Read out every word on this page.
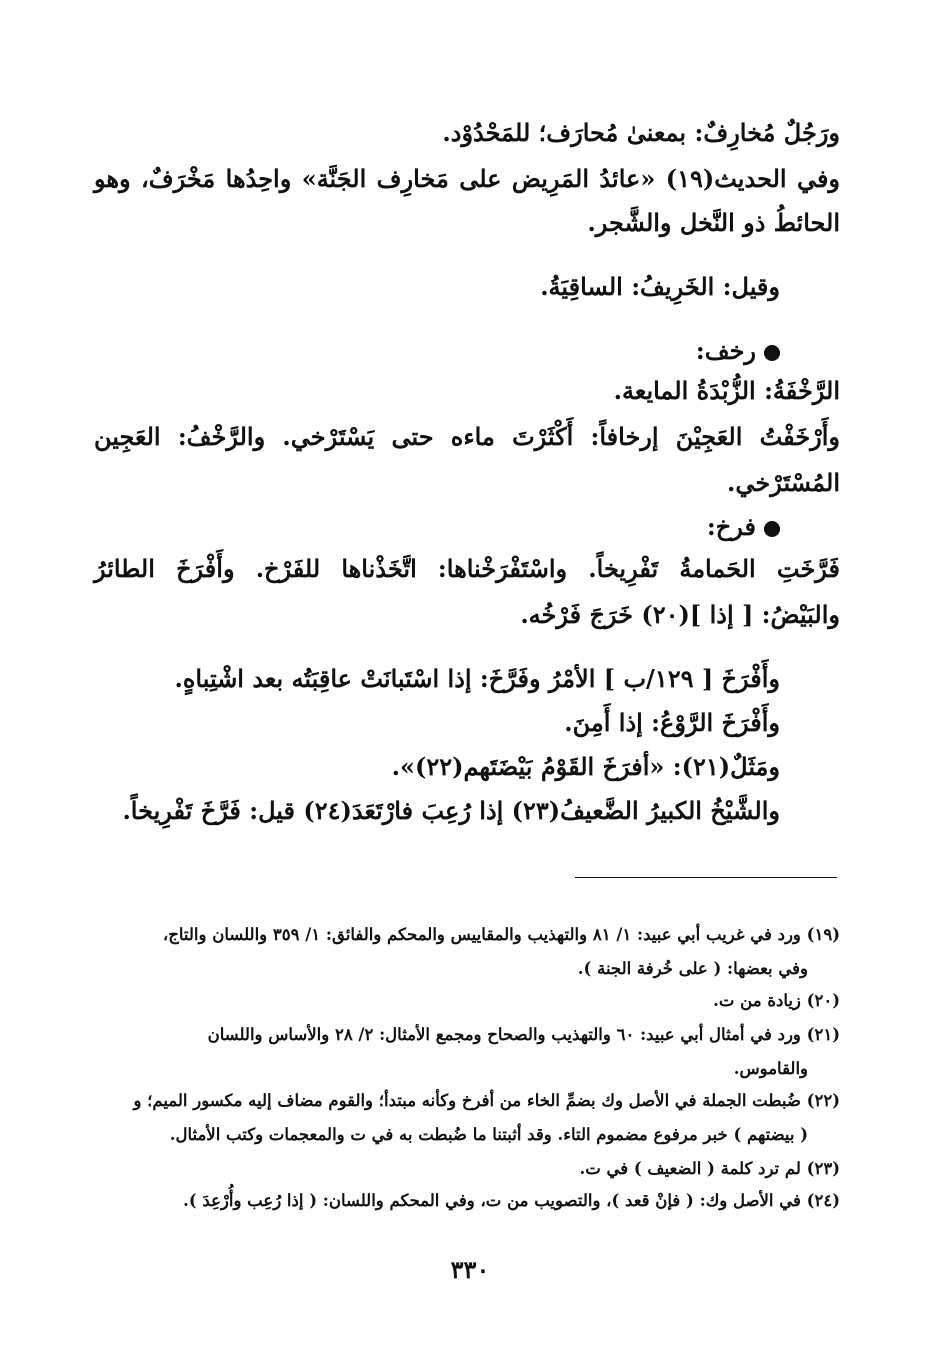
ورَجُلٌ مُخارِفٌ: بمعنىٰ مُحارَف؛ للمَحْدُوْد.
وفي الحديث(١٩) «عائدُ المَرِيض على مَخارِف الجَنَّة» واحِدُها مَخْرَفٌ، وهو
الحائطُ ذو النَّخل والشَّجر.
وقيل: الخَرِيفُ: الساقِيَةُ.
رخف:
الرَّخْفَةُ: الزُّبْدَةُ المايعة.
وأَرْخَفْتُ العَجِيْنَ إرخافاً: أَكْثَرْتَ ماءه حتى يَسْتَرْخي. والرَّخْفُ: العَجِين
المُسْتَرْخي.
فرخ:
فَرَّخَتِ الحَمامةُ تَفْرِيخاً. واسْتَفْرَخْناها: اتَّخَذْناها للفَرْخ. وأَفْرَخَ الطائرُ
والبَيْضُ: [ إذا ](٢٠) خَرَجَ فَرْخُه.
وأَفْرَخَ [ ١٢٩/ب ] الأمْرُ وفَرَّخَ: إذا اسْتَبانَتْ عاقِبَتُه بعد اشْتِباهٍ.
وأَفْرَخَ الرَّوْعُ: إذا أَمِنَ.
ومَثَلٌ(٢١): «أفرَخَ القَوْمُ بَيْضَتَهم(٢٢)».
والشَّيْخُ الكبيرُ الضَّعيفُ(٢٣) إذا رُعِبَ فارْتَعَدَ(٢٤) قيل: فَرَّخَ تَفْرِيخاً.
(١٩) ورد في غريب أبي عبيد: ١/ ٨١ والتهذيب والمقاييس والمحكم والفائق: ١/ ٣٥٩ واللسان والتاج،
وفي بعضها: ( على خُرفة الجنة ).
(٢٠) زيادة من ت.
(٢١) ورد في أمثال أبي عبيد: ٦٠ والتهذيب والصحاح ومجمع الأمثال: ٢/ ٢٨ والأساس واللسان
والقاموس.
(٢٢) ضُبطت الجملة في الأصل وك بضمِّ الخاء من أفرخ وكأنه مبتدأ؛ والقوم مضاف إليه مكسور الميم؛ و
( بيضتهم ) خبر مرفوع مضموم التاء. وقد أثبتنا ما ضُبطت به في ت والمعجمات وكتب الأمثال.
(٢٣) لم ترد كلمة ( الضعيف ) في ت.
(٢٤) في الأصل وك: ( فإنْ قعد )، والتصويب من ت، وفي المحكم واللسان: ( إذا رُعِب وأُرْعِدَ ).
٣٣٠
